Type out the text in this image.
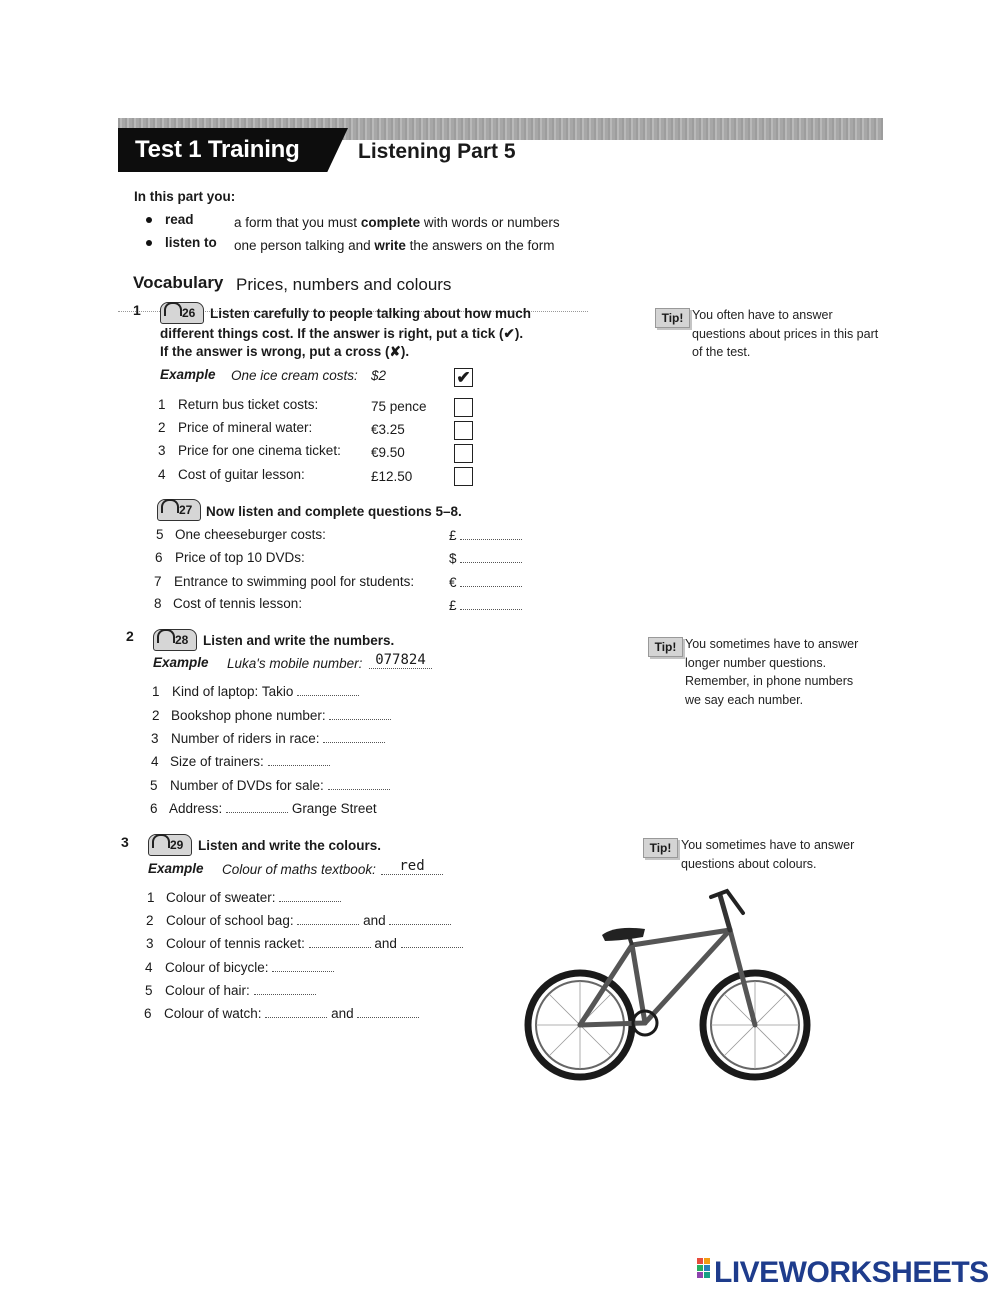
Test 1 Training	Listening Part 5
In this part you:
read	a form that you must complete with words or numbers
listen to one person talking and write the answers on the form
Vocabulary Prices, numbers and colours
1	26 Listen carefully to people talking about how much
different things cost. If the answer is right, put a tick (✔).
If the answer is wrong, put a cross (✘).
Example One ice cream costs: $2	✔
1 Return bus ticket costs:	75 pence
2 Price of mineral water:	€3.25
3 Price for one cinema ticket: €9.50
4 Cost of guitar lesson:	£12.50
27 Now listen and complete questions 5–8.
5 One cheeseburger costs:	£
6 Price of top 10 DVDs:	$
7 Entrance to swimming pool for students:	€
8 Cost of tennis lesson:	£
2	28 Listen and write the numbers.
Example Luka's mobile number: 077824
1 Kind of laptop: Takio
2 Bookshop phone number:
3 Number of riders in race:
4 Size of trainers:
5 Number of DVDs for sale:
6 Address:	Grange Street
3	29 Listen and write the colours.
Example Colour of maths textbook:	red
1 Colour of sweater:
2 Colour of school bag:	and
3 Colour of tennis racket:	and
4 Colour of bicycle:
5 Colour of hair:
6 Colour of watch:	and
Tip! You often have to answer
questions about prices in this part
of the test.
Tip! You sometimes have to answer
longer number questions.
Remember, in phone numbers
we say each number.
Tip! You sometimes have to answer
questions about colours.
LIVEWORKSHEETS
